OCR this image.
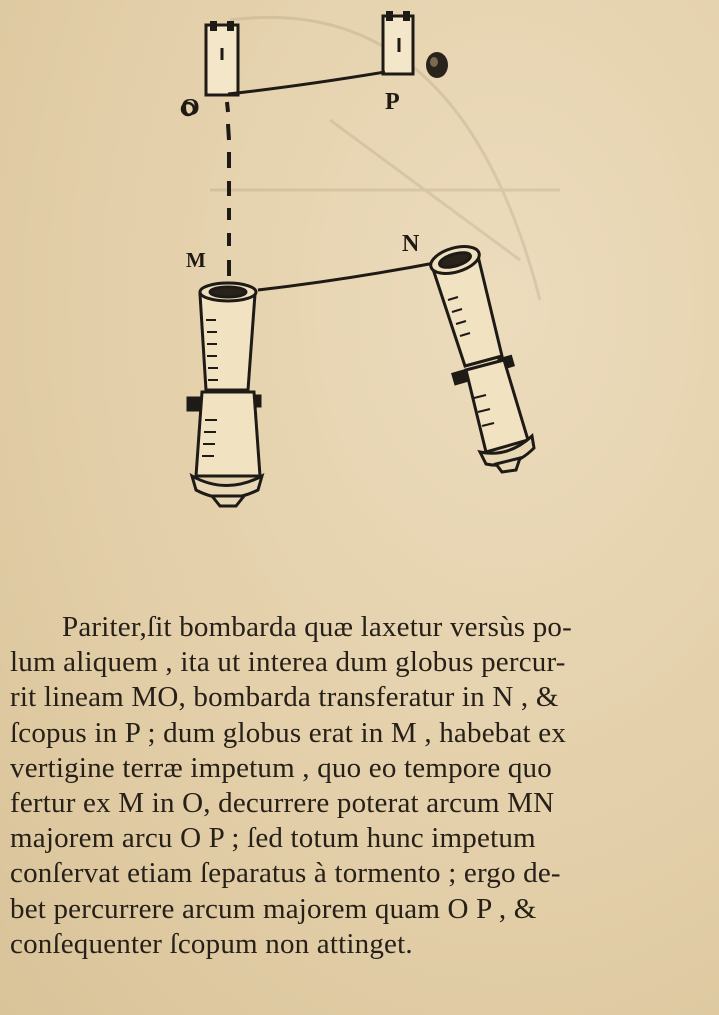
O	P
M
N
Pariter,ſit bombarda quæ laxetur versùs po-
lum aliquem , ita ut interea dum globus percur-
rit lineam MO, bombarda transferatur in N , &
ſcopus in P ; dum globus erat in M , habebat ex
vertigine terræ impetum , quo eo tempore quo
fertur ex M in O, decurrere poterat arcum MN
majorem arcu O P ; ſed totum hunc impetum
conſervat etiam ſeparatus à tormento ; ergo de-
bet percurrere arcum majorem quam O P , &
conſequenter ſcopum non attinget.
